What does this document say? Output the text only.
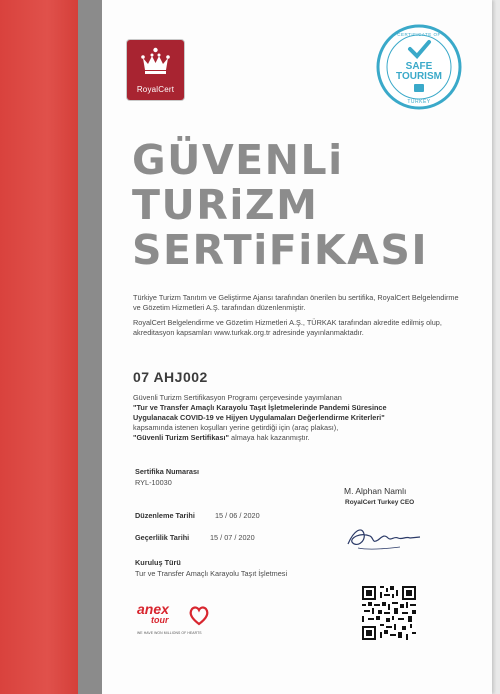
RoyalCert
CERTIFICATE OF
SAFE
TOURISM
TURKEY
GÜVENLi
TURiZM
SERTiFiKASI
Türkiye Turizm Tanıtım ve Geliştirme Ajansı tarafından önerilen bu sertifika, RoyalCert Belgelendirme ve Gözetim Hizmetleri A.Ş. tarafından düzenlenmiştir.
RoyalCert Belgelendirme ve Gözetim Hizmetleri A.Ş., TÜRKAK tarafından akredite edilmiş olup, akreditasyon kapsamları www.turkak.org.tr adresinde yayınlanmaktadır.
07 AHJ002
Güvenli Turizm Sertifikasyon Programı çerçevesinde yayımlanan
"Tur ve Transfer Amaçlı Karayolu Taşıt İşletmelerinde Pandemi Süresince
Uygulanacak COVID-19 ve Hijyen Uygulamaları Değerlendirme Kriterleri"
kapsamında istenen koşulları yerine getirdiği için (araç plakası),
"Güvenli Turizm Sertifikası" almaya hak kazanmıştır.
Sertifika Numarası
RYL-10030
Düzenleme Tarihi	15 / 06 / 2020
Geçerlilik Tarihi	15 / 07 / 2020
Kuruluş Türü
Tur ve Transfer Amaçlı Karayolu Taşıt İşletmesi
M. Alphan Namlı
RoyalCert Turkey CEO
anex
tour
WE HAVE WON MILLIONS OF HEARTS
